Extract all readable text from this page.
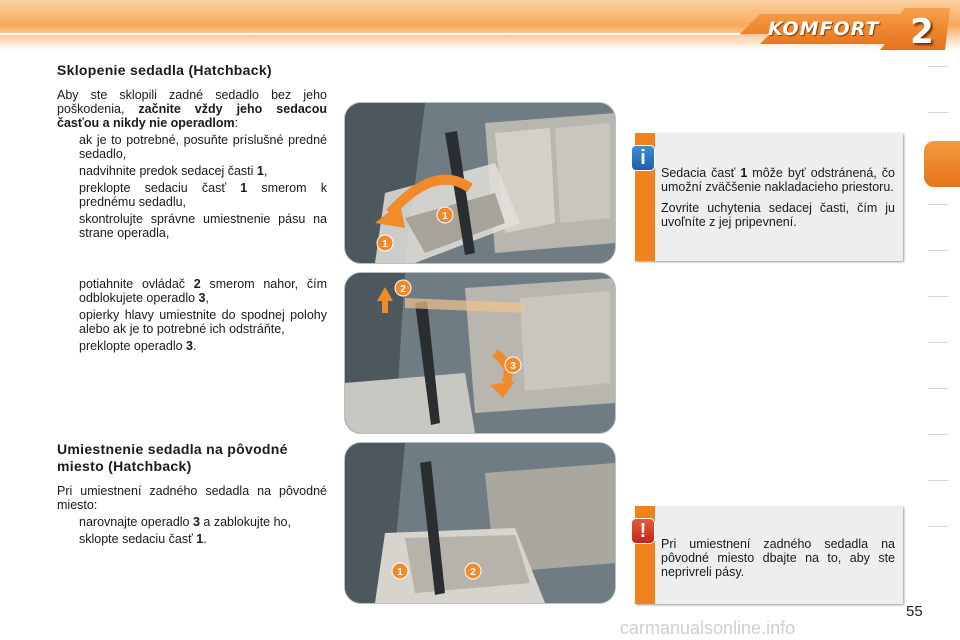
KOMFORT 2
Sklopenie sedadla (Hatchback)

Aby ste sklopili zadné sedadlo bez jeho poškodenia, začnite vždy jeho sedacou časťou a nikdy nie operadlom:

ak je to potrebné, posuňte príslušné predné sedadlo,
nadvihnite predok sedacej časti 1,
preklopte sedaciu časť 1 smerom k prednému sedadlu,
skontrolujte správne umiestnenie pásu na strane operadla,
potiahnite ovládač 2 smerom nahor, čím odblokujete operadlo 3,
opierky hlavy umiestnite do spodnej polohy alebo ak je to potrebné ich odstráňte,
preklopte operadlo 3.
Umiestnenie sedadla na pôvodné miesto (Hatchback)

Pri umiestnení zadného sedadla na pôvodné miesto:

narovnajte operadlo 3 a zablokujte ho,
sklopte sedaciu časť 1.
1
1
2
3
1	2
i

Sedacia časť 1 môže byť odstránená, čo umožní zväčšenie nakladacieho priestoru.

Zovrite uchytenia sedacej časti, čím ju uvoľníte z jej pripevnení.

!

Pri umiestnení zadného sedadla na pôvodné miesto dbajte na to, aby ste neprivreli pásy.

55
carmanualsonline.info
